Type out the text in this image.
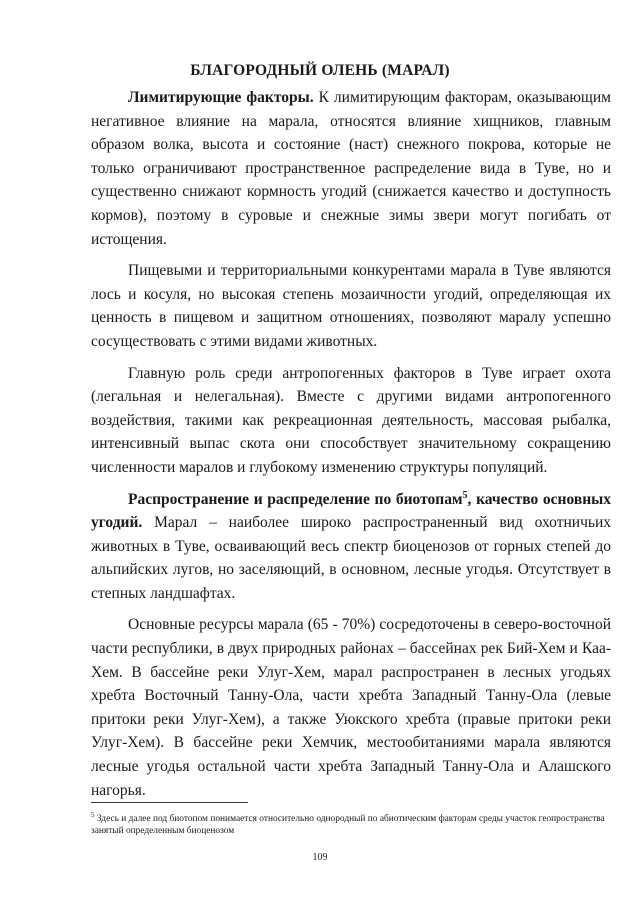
БЛАГОРОДНЫЙ ОЛЕНЬ (МАРАЛ)

Лимитирующие факторы. К лимитирующим факторам, оказывающим негативное влияние на марала, относятся влияние хищников, главным образом волка, высота и состояние (наст) снежного покрова, которые не только ограничивают пространственное распределение вида в Туве, но и существенно снижают кормность угодий (снижается качество и доступность кормов), поэтому в суровые и снежные зимы звери могут погибать от истощения.

Пищевыми и территориальными конкурентами марала в Туве являются лось и косуля, но высокая степень мозаичности угодий, определяющая их ценность в пищевом и защитном отношениях, позволяют маралу успешно сосуществовать с этими видами животных.

Главную роль среди антропогенных факторов в Туве играет охота (легальная и нелегальная). Вместе с другими видами антропогенного воздействия, такими как рекреационная деятельность, массовая рыбалка, интенсивный выпас скота они способствует значительному сокращению численности маралов и глубокому изменению структуры популяций.

Распространение и распределение по биотопам$^5$, качество основных угодий. Марал – наиболее широко распространенный вид охотничьих животных в Туве, осваивающий весь спектр биоценозов от горных степей до альпийских лугов, но заселяющий, в основном, лесные угодья. Отсутствует в степных ландшафтах.

Основные ресурсы марала (65 - 70%) сосредоточены в северо-восточной части республики, в двух природных районах – бассейнах рек Бий-Хем и Каа-Хем. В бассейне реки Улуг-Хем, марал распространен в лесных угодьях хребта Восточный Танну-Ола, части хребта Западный Танну-Ола (левые притоки реки Улуг-Хем), а также Уюкского хребта (правые притоки реки Улуг-Хем). В бассейне реки Хемчик, местообитаниями марала являются лесные угодья остальной части хребта Западный Танну-Ола и Алашского нагорья.

$^5$ Здесь и далее под биотопом понимается относительно однородный по абиотическим факторам среды участок геопространства занятый определенным биоценозом
109
